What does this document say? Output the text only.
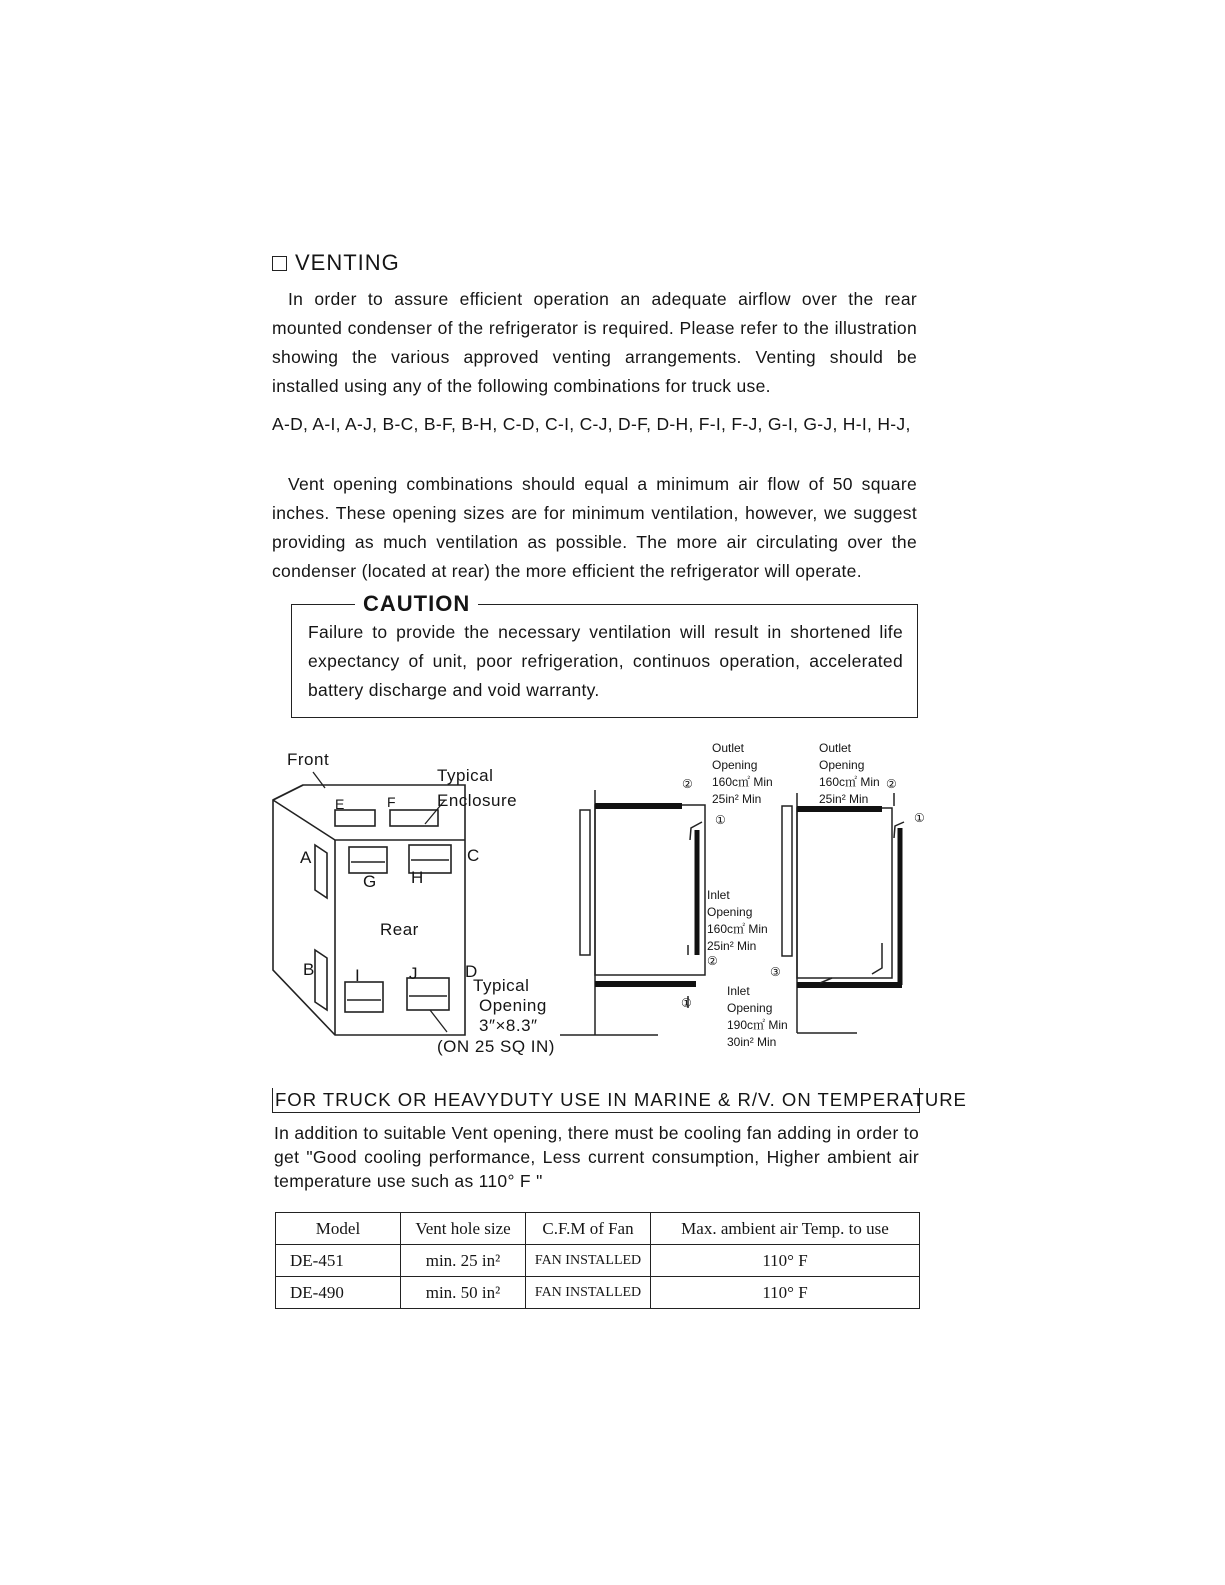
VENTING

In order to assure efficient operation an adequate airflow over the rear mounted condenser of the refrigerator is required. Please refer to the illustration showing the various approved venting arrangements. Venting should be installed using any of the following combinations for truck use.

A-D, A-I, A-J, B-C, B-F, B-H, C-D, C-I, C-J, D-F, D-H, F-I, F-J, G-I, G-J, H-I, H-J,

Vent opening combinations should equal a minimum air flow of 50 square inches. These opening sizes are for minimum ventilation, however, we suggest providing as much ventilation as possible. The more air circulating over the condenser (located at rear) the more efficient the refrigerator will operate.

CAUTION

Failure to provide the necessary ventilation will result in shortened life expectancy of unit, poor refrigeration, continuos operation, accelerated battery discharge and void warranty.

Front
Typical
Enclosure
Rear
A
B
C
D
E	F
G H
I	J
Typical
Opening
3″×8.3″
(ON 25 SQ IN)
Outlet
Opening
160c㎡ Min
25in² Min
②
①
Inlet
Opening
160c㎡ Min
25in² Min
②
①
Outlet
Opening
160c㎡ Min
25in² Min
②
①
③
Inlet
Opening
190c㎡ Min
30in² Min
FOR TRUCK OR HEAVYDUTY USE IN MARINE & R/V. ON TEMPERATURE

In addition to suitable Vent opening, there must be cooling fan adding in order to get "Good cooling performance, Less current consumption, Higher ambient air temperature use such as 110° F "

Model	Vent hole size	C.F.M of Fan	Max. ambient air Temp. to use
DE-451	min. 25 in²	FAN INSTALLED	110° F
DE-490	min. 50 in²	FAN INSTALLED	110° F
